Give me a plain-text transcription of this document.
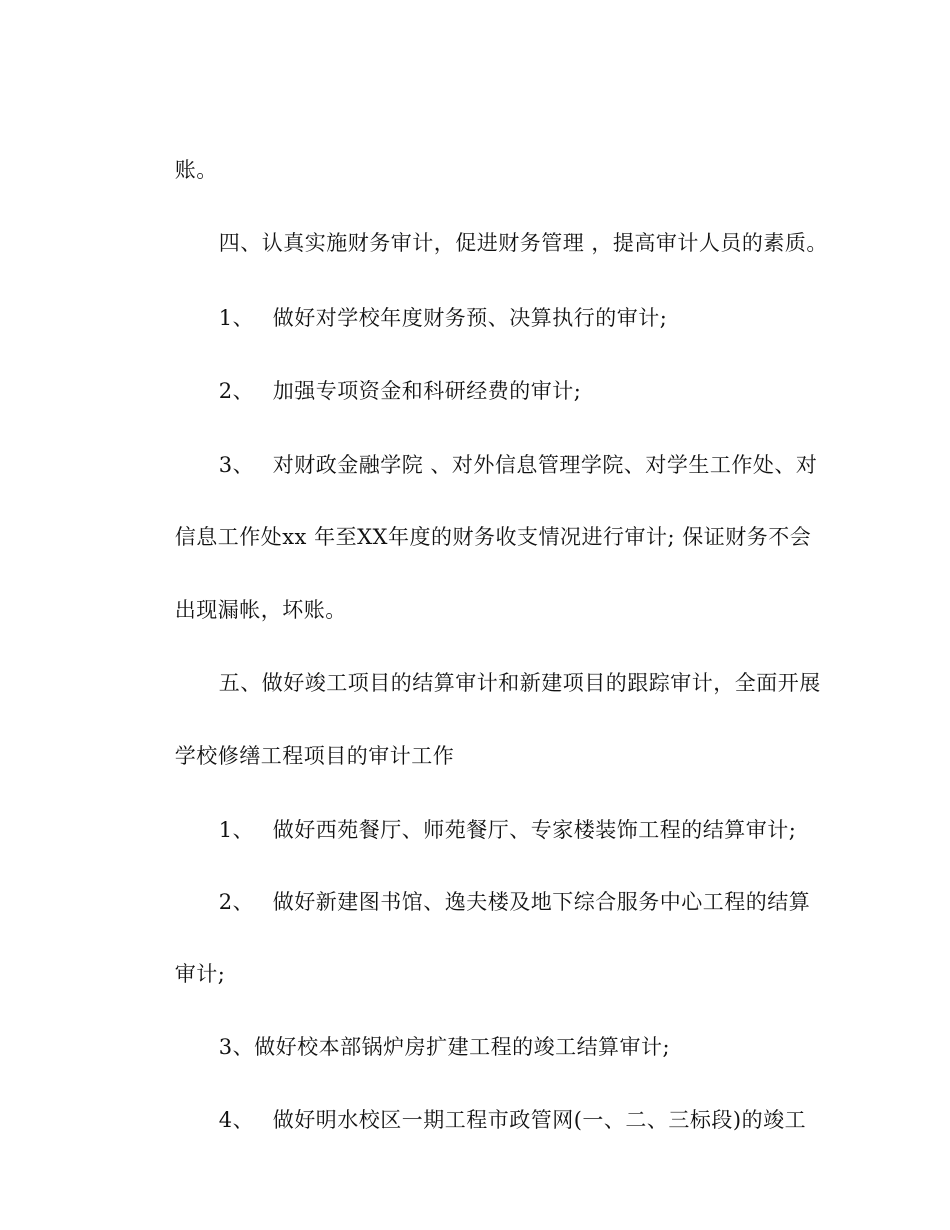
账。

四、认真实施财务审计，促进财务管理 ，提高审计人员的素质。

1、 做好对学校年度财务预、决算执行的审计;

2、 加强专项资金和科研经费的审计;

3、 对财政金融学院 、对外信息管理学院、对学生工作处、对

信息工作处xx 年至XX年度的财务收支情况进行审计; 保证财务不会

出现漏帐，坏账。

五、做好竣工项目的结算审计和新建项目的跟踪审计，全面开展

学校修缮工程项目的审计工作

1、 做好西苑餐厅、师苑餐厅、专家楼装饰工程的结算审计;

2、 做好新建图书馆、逸夫楼及地下综合服务中心工程的结算

审计;

3、做好校本部锅炉房扩建工程的竣工结算审计;

4、 做好明水校区一期工程市政管网(一、二、三标段)的竣工
